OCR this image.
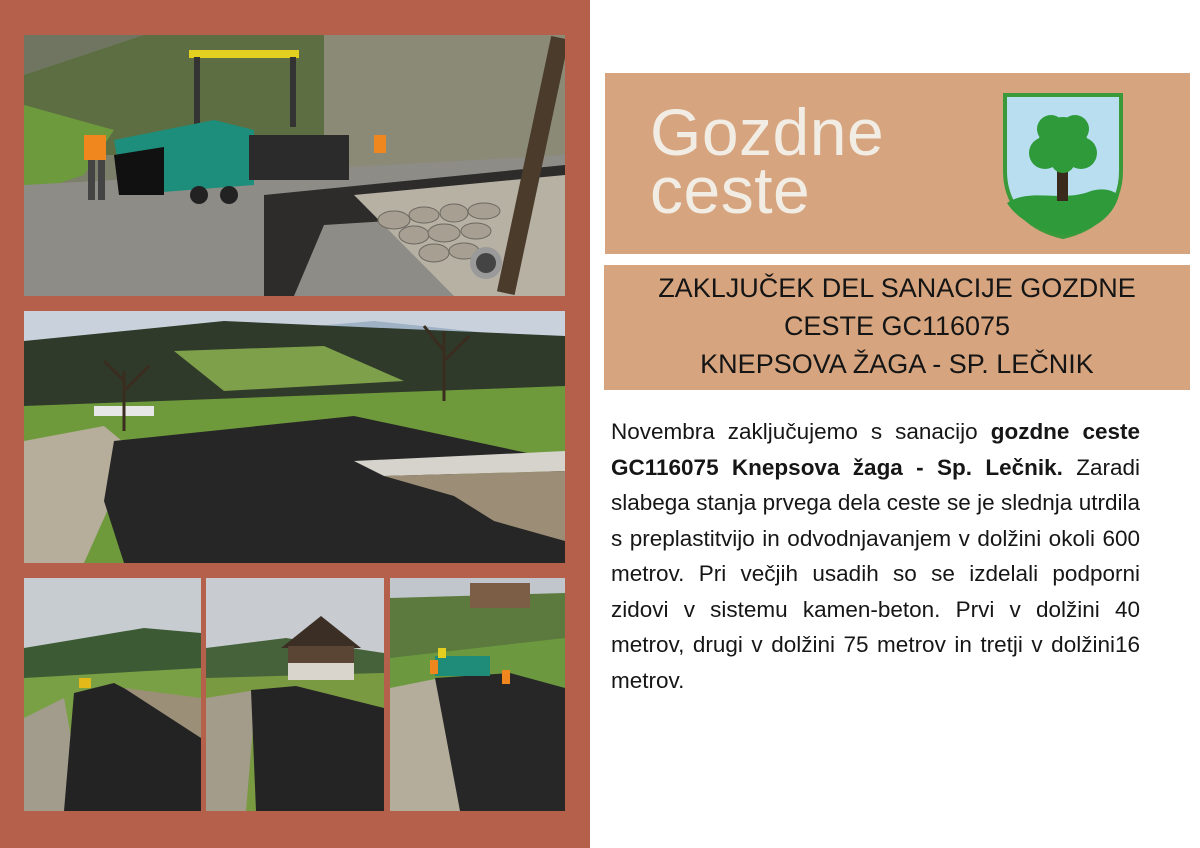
Gozdne
ceste
ZAKLJUČEK DEL SANACIJE GOZDNE
CESTE GC116075
KNEPSOVA ŽAGA - SP. LEČNIK
Novembra zaključujemo s sanacijo gozdne ceste GC116075 Knepsova žaga - Sp. Lečnik. Zaradi slabega stanja prvega dela ceste se je slednja utrdila s preplastitvijo in odvodnjavanjem v dolžini okoli 600 metrov. Pri večjih usadih so se izdelali podporni zidovi v sistemu kamen-beton. Prvi v dolžini 40 metrov, drugi v dolžini 75 metrov in tretji v dolžini16 metrov.
